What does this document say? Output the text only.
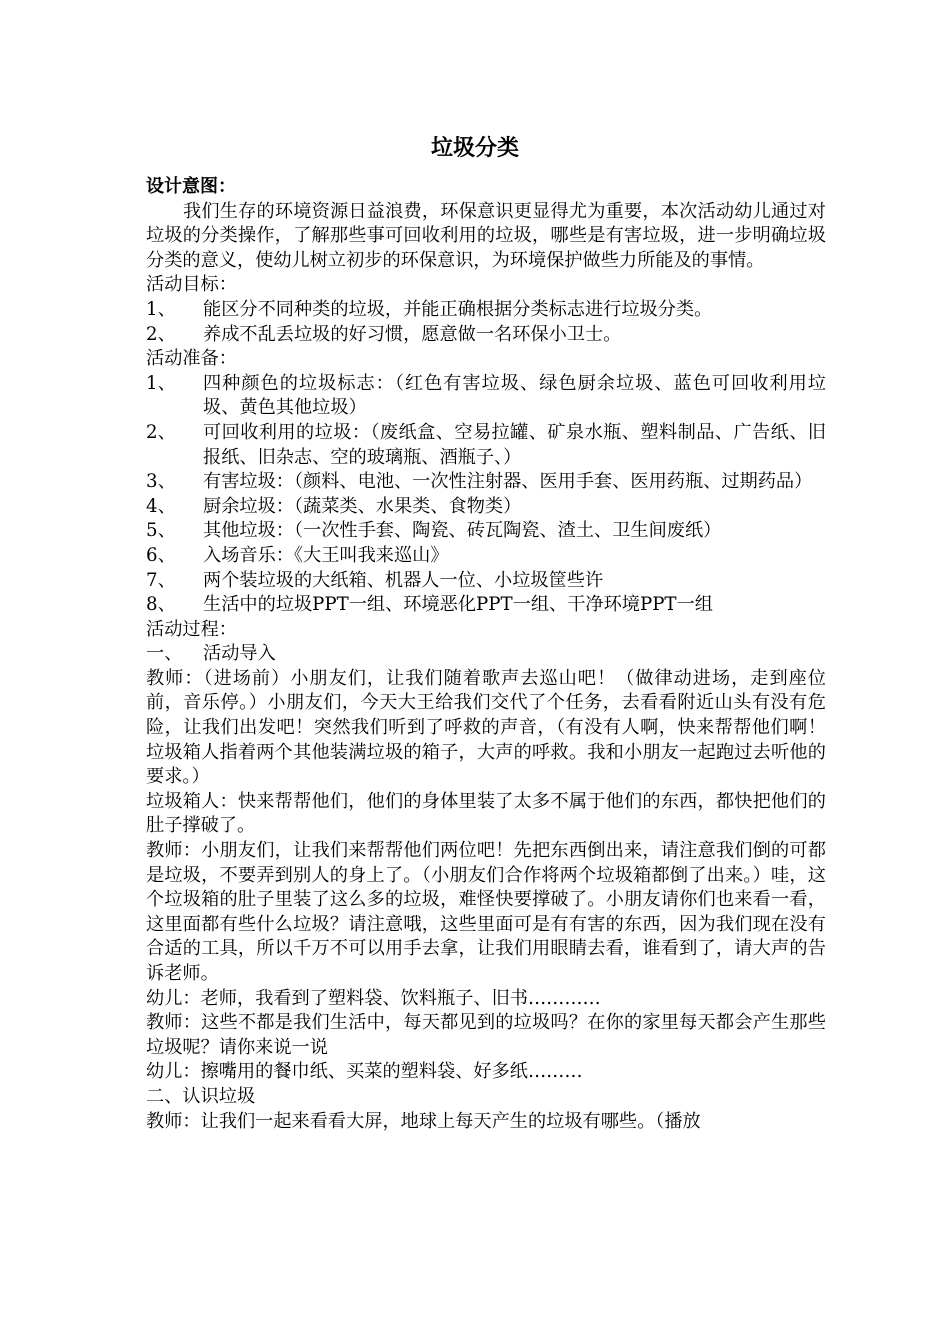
垃圾分类

设计意图：

我们生存的环境资源日益浪费，环保意识更显得尤为重要，本次活动幼儿通过对垃圾的分类操作，了解那些事可回收利用的垃圾，哪些是有害垃圾，进一步明确垃圾分类的意义，使幼儿树立初步的环保意识，为环境保护做些力所能及的事情。

活动目标：

1、	能区分不同种类的垃圾，并能正确根据分类标志进行垃圾分类。
2、	养成不乱丢垃圾的好习惯，愿意做一名环保小卫士。

活动准备：

1、	四种颜色的垃圾标志：（红色有害垃圾、绿色厨余垃圾、蓝色可回收利用垃圾、黄色其他垃圾）
2、	可回收利用的垃圾：（废纸盒、空易拉罐、矿泉水瓶、塑料制品、广告纸、旧报纸、旧杂志、空的玻璃瓶、酒瓶子、）
3、	有害垃圾：（颜料、电池、一次性注射器、医用手套、医用药瓶、过期药品）
4、	厨余垃圾：（蔬菜类、水果类、食物类）
5、	其他垃圾：（一次性手套、陶瓷、砖瓦陶瓷、渣土、卫生间废纸）
6、	入场音乐：《大王叫我来巡山》
7、	两个装垃圾的大纸箱、机器人一位、小垃圾筐些许
8、	生活中的垃圾PPT一组、环境恶化PPT一组、干净环境PPT一组

活动过程：

一、	活动导入

教师：（进场前）小朋友们，让我们随着歌声去巡山吧！（做律动进场，走到座位前，音乐停。）小朋友们，今天大王给我们交代了个任务，去看看附近山头有没有危险，让我们出发吧！突然我们听到了呼救的声音，（有没有人啊，快来帮帮他们啊！垃圾箱人指着两个其他装满垃圾的箱子，大声的呼救。我和小朋友一起跑过去听他的要求。）

垃圾箱人：快来帮帮他们，他们的身体里装了太多不属于他们的东西，都快把他们的肚子撑破了。

教师：小朋友们，让我们来帮帮他们两位吧！先把东西倒出来，请注意我们倒的可都是垃圾，不要弄到别人的身上了。（小朋友们合作将两个垃圾箱都倒了出来。）哇，这个垃圾箱的肚子里装了这么多的垃圾，难怪快要撑破了。小朋友请你们也来看一看，这里面都有些什么垃圾？请注意哦，这些里面可是有有害的东西，因为我们现在没有合适的工具，所以千万不可以用手去拿，让我们用眼睛去看，谁看到了，请大声的告诉老师。

幼儿：老师，我看到了塑料袋、饮料瓶子、旧书…………

教师：这些不都是我们生活中，每天都见到的垃圾吗？在你的家里每天都会产生那些垃圾呢？请你来说一说

幼儿：擦嘴用的餐巾纸、买菜的塑料袋、好多纸………

二、认识垃圾

教师：让我们一起来看看大屏，地球上每天产生的垃圾有哪些。（播放
